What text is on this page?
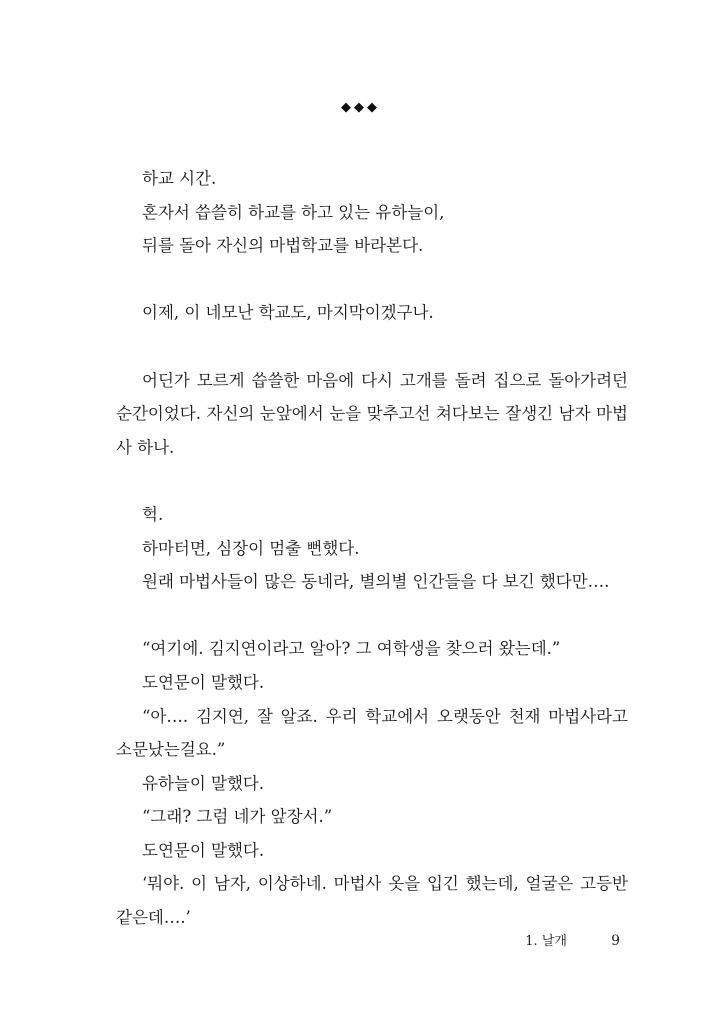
◆◆◆

하교 시간.

혼자서 씁쓸히 하교를 하고 있는 유하늘이,

뒤를 돌아 자신의 마법학교를 바라본다.

이제, 이 네모난 학교도, 마지막이겠구나.

어딘가 모르게 씁쓸한 마음에 다시 고개를 돌려 집으로 돌아가려던 순간이었다. 자신의 눈앞에서 눈을 맞추고선 쳐다보는 잘생긴 남자 마법사 하나.

헉.

하마터면, 심장이 멈출 뻔했다.

원래 마법사들이 많은 동네라, 별의별 인간들을 다 보긴 했다만….

“여기에. 김지연이라고 알아? 그 여학생을 찾으러 왔는데.”

도연문이 말했다.

“아…. 김지연, 잘 알죠. 우리 학교에서 오랫동안 천재 마법사라고 소문났는걸요.”

유하늘이 말했다.

“그래? 그럼 네가 앞장서.”

도연문이 말했다.

‘뭐야. 이 남자, 이상하네. 마법사 옷을 입긴 했는데, 얼굴은 고등반 같은데….’

1. 날개	9
